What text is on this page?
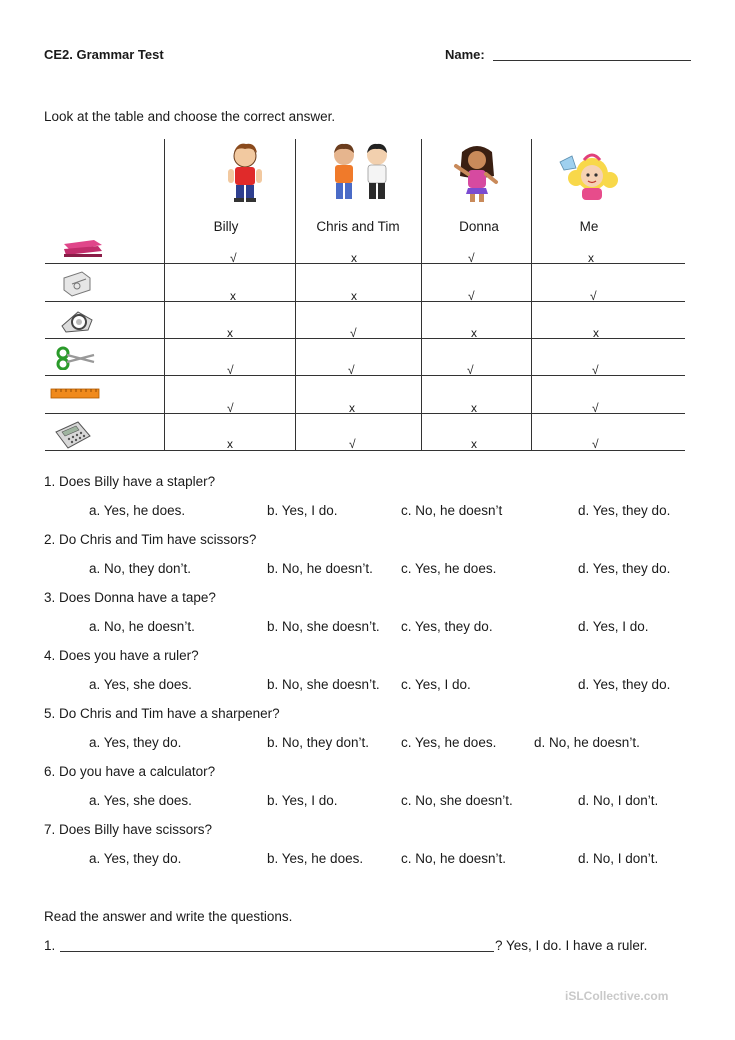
CE2. Grammar Test	Name:
Look at the table and choose the correct answer.
Billy	Chris and Tim	Donna	Me
√	x	√	x
x	x	√	√
x	√	x	x
√	√	√	√
√	x	x	√
x	√	x	√
1. Does Billy have a stapler?
a. Yes, he does.	b. Yes, I do.	c. No, he doesn’t	d. Yes, they do.
2. Do Chris and Tim have scissors?
a. No, they don’t.	b. No, he doesn’t. c. Yes, he does.	d. Yes, they do.
3. Does Donna have a tape?
a. No, he doesn’t.	b. No, she doesn’t. c. Yes, they do.	d. Yes, I do.
4. Does you have a ruler?
a. Yes, she does.	b. No, she doesn’t. c. Yes, I do.	d. Yes, they do.
5. Do Chris and Tim have a sharpener?
a. Yes, they do.	b. No, they don’t. c. Yes, he does.	d. No, he doesn’t.
6. Do you have a calculator?
a. Yes, she does.	b. Yes, I do.	c. No, she doesn’t.	d. No, I don’t.
7. Does Billy have scissors?
a. Yes, they do.	b. Yes, he does.	c. No, he doesn’t.	d. No, I don’t.
Read the answer and write the questions.
1.	? Yes, I do. I have a ruler.
iSLCollective.com
